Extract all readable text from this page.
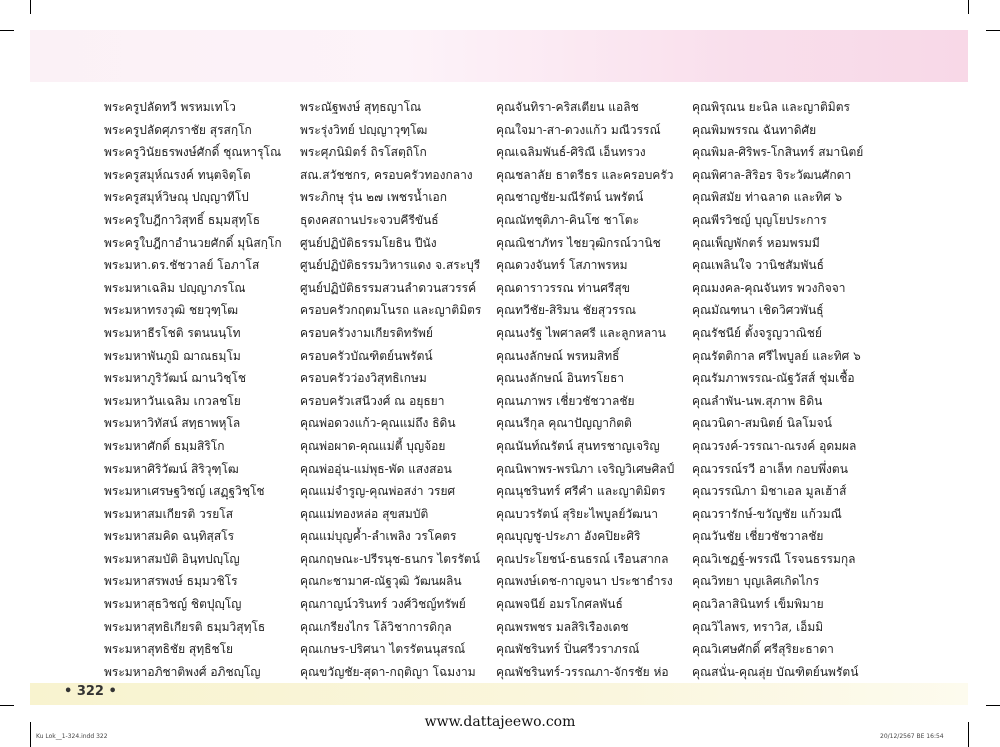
พระครูปลัดทวี พรหมเทโว
พระครูปลัดศุภราชัย สุรสกฺโก
พระครูวินัยธรพงษ์ศักดิ์ ชุณหารุโณ
พระครูสมุห์ณรงค์ ทนฺตจิตฺโต
พระครูสมุห์วิษณุ ปญฺญาทีโป
พระครูใบฎีกาวิสุทธิ์ ธมฺมสุทฺโธ
พระครูใบฎีกาอำนวยศักดิ์ มุนิสกฺโก
พระมหา.ดร.ชัชวาลย์ โอภาโส
พระมหาเฉลิม ปญฺญาภรโณ
พระมหาทรงวุฒิ ชยวุฑฺโฒ
พระมหาธีรโชติ รตนนนฺโท
พระมหาพันภูมิ ฌาณธมฺโม
พระมหาภูริวัฒน์ ฌานวิชฺโช
พระมหาวันเฉลิม เกวลชโย
พระมหาวิทัสน์ สทฺธาพหุโล
พระมหาศักดิ์ ธมฺมสิริโก
พระมหาศิริวัฒน์ สิริวุฑฺโฒ
พระมหาเศรษฐวิชญ์ เสฏฺฐวิชฺโช
พระมหาสมเกียรติ วรยโส
พระมหาสมคิด ฉนฺทิสฺสโร
พระมหาสมบัติ อินฺทปญฺโญ
พระมหาสรพงษ์ ธมฺมวชิโร
พระมหาสุธวิชญ์ ชิตปุญฺโญ
พระมหาสุทธิเกียรติ ธมฺมวิสุทฺโธ
พระมหาสุทธิชัย สุทฺธิชโย
พระมหาอภิชาติพงศ์ อภิชญฺโญ
พระณัฐพงษ์ สุทฺธญาโณ
พระรุ่งวิทย์ ปญฺญาวุฑฺโฒ
พระศุภนิมิตร์ ถิรโสตฺถิโก
สณ.สวัชชกร, ครอบครัวทองกลาง
พระภิกษุ รุ่น ๒๗ เพชรน้ำเอก
ธุดงคสถานประจวบคีรีขันธ์
ศูนย์ปฏิบัติธรรมโยธิน ปีนัง
ศูนย์ปฏิบัติธรรมวิหารแดง จ.สระบุรี
ศูนย์ปฏิบัติธรรมสวนลำดวนสวรรค์
ครอบครัวกฤตมโนรถ และญาติมิตร
ครอบครัวงามเกียรติทรัพย์
ครอบครัวบัณฑิตย์นพรัตน์
ครอบครัวว่องวิสุทธิเกษม
ครอบครัวเสนีวงศ์ ณ อยุธยา
คุณพ่อดวงแก้ว-คุณแม่ถึง ธิดิน
คุณพ่อผาด-คุณแม่ตี้ บุญจ้อย
คุณพ่ออุ่น-แม่พุธ-พัด แสงสอน
คุณแม่จำรูญ-คุณพ่อสง่า วรยศ
คุณแม่ทองหล่อ สุขสมบัติ
คุณแม่บุญค้ำ-ลำเพลิง วรโคตร
คุณกฤษณะ-ปรีรนุช-ธนกร ไตรรัตน์
คุณกะชามาศ-ณัฐวุฒิ วัฒนผลิน
คุณกาญน์วรินทร์ วงศ์วิชญ์ทรัพย์
คุณเกรียงไกร โล้วิชาการดิกุล
คุณเกษร-ปริศนา ไตรรัตนนุสรณ์
คุณขวัญชัย-สุดา-กฤติญา โฉมงาม
คุณจันทิรา-คริสเตียน แอลิช
คุณใจมา-สา-ดวงแก้ว มณีวรรณ์
คุณเฉลิมพันธ์-ศิริณี เอ็นทรวง
คุณชลาลัย ธาตรีธร และครอบครัว
คุณชาญชัย-มณีรัตน์ นพรัตน์
คุณณัทชุติภา-คินโซ ชาโตะ
คุณณิชาภัทร ไชยวุฒิกรณ์วานิช
คุณดวงจันทร์ โสภาพรหม
คุณดาราวรรณ ท่านศรีสุข
คุณทวีชัย-สิริมน ชัยสุวรรณ
คุณนงรัฐ ไพศาลศรี และลูกหลาน
คุณนงลักษณ์ พรหมสิทธิ์
คุณนงลักษณ์ อินทรโยธา
คุณนภาพร เชี่ยวชัชวาลชัย
คุณนรีกุล คุณาปัญญากิตติ
คุณนันท์ณรัตน์ สุนทรชาญเจริญ
คุณนิพาพร-พรนิภา เจริญวิเศษศิลป์
คุณนุชรินทร์ ศรีคำ และญาติมิตร
คุณบวรรัตน์ สุริยะไพบูลย์วัฒนา
คุณบุญชู-ประภา อังคปิยะศิริ
คุณประโยชน์-ธนธรณ์ เรือนสากล
คุณพงษ์เดช-กาญจนา ประชาธำรง
คุณพจนีย์ อมรโกศลพันธ์
คุณพรพชร มลสิริเรืองเดช
คุณพัชรินทร์ ปิ่นศรีวราภรณ์
คุณพัชรินทร์-วรรณภา-จักรชัย ห่อ
คุณพิรุณน ยะนิล และญาติมิตร
คุณพิมพรรณ ฉันทาดิศัย
คุณพิมล-ศิริพร-โกสินทร์ สมานิตย์
คุณพิศาล-สิริอร จิระวัฒนศักดา
คุณพิสมัย ท่าฉลาด และทิศ ๖
คุณพีรวิชญ์ บุญโยประการ
คุณเพ็ญพักตร์ หอมพรมมี
คุณเพลินใจ วานิชสัมพันธ์
คุณมงคล-คุณจันทร พวงกิจจา
คุณมัณฑนา เชิดวิศวพันธุ์
คุณรัชนีย์ ตั้งจรูญวาณิชย์
คุณรัตติกาล ศรีไพบูลย์ และทิศ ๖
คุณรัมภาพรรณ-ณัฐวัสส์ ชุ่มเชื้อ
คุณลำพัน-นพ.สุภาพ ธิดิน
คุณวนิดา-สมนิตย์ นิลโมจน์
คุณวรงค์-วรรณา-ณรงค์ อุดมผล
คุณวรรณ์รวี อาเล็ท กอบพึ่งตน
คุณวรรณิภา มิชาเอล มูลเฮ้าส์
คุณวรารักษ์-ขวัญชัย แก้วมณี
คุณวันชัย เชี่ยวชัชวาลชัย
คุณวิเชฏฐ์-พรรณี โรจนธรรมกุล
คุณวิทยา บุญเลิศเกิดไกร
คุณวิลาสินินทร์ เข็มพิมาย
คุณวิไลพร, ทราวิส, เอ็มมิ
คุณวิเศษศักดิ์ ศรีสุริยะธาดา
คุณสนั่น-คุณลุ่ย บัณฑิตย์นพรัตน์
• 322 •
www.dattajeewo.com
Ku Lok__1-324.indd 322	20/12/2567 BE 16:54
